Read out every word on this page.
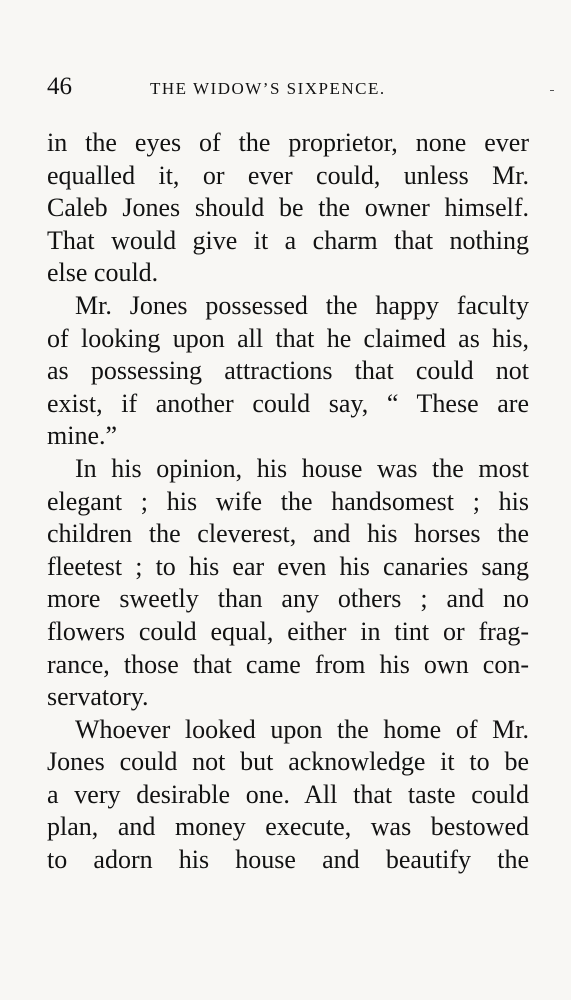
46	THE WIDOW’S SIXPENCE.
in the eyes of the proprietor, none ever
equalled it, or ever could, unless Mr.
Caleb Jones should be the owner himself.
That would give it a charm that nothing
else could.
Mr. Jones possessed the happy faculty
of looking upon all that he claimed as his,
as possessing attractions that could not
exist, if another could say, “ These are
mine.”
In his opinion, his house was the most
elegant ; his wife the handsomest ; his
children the cleverest, and his horses the
fleetest ; to his ear even his canaries sang
more sweetly than any others ; and no
flowers could equal, either in tint or frag-
rance, those that came from his own con-
servatory.
Whoever looked upon the home of Mr.
Jones could not but acknowledge it to be
a very desirable one. All that taste could
plan, and money execute, was bestowed
to adorn his house and beautify the
